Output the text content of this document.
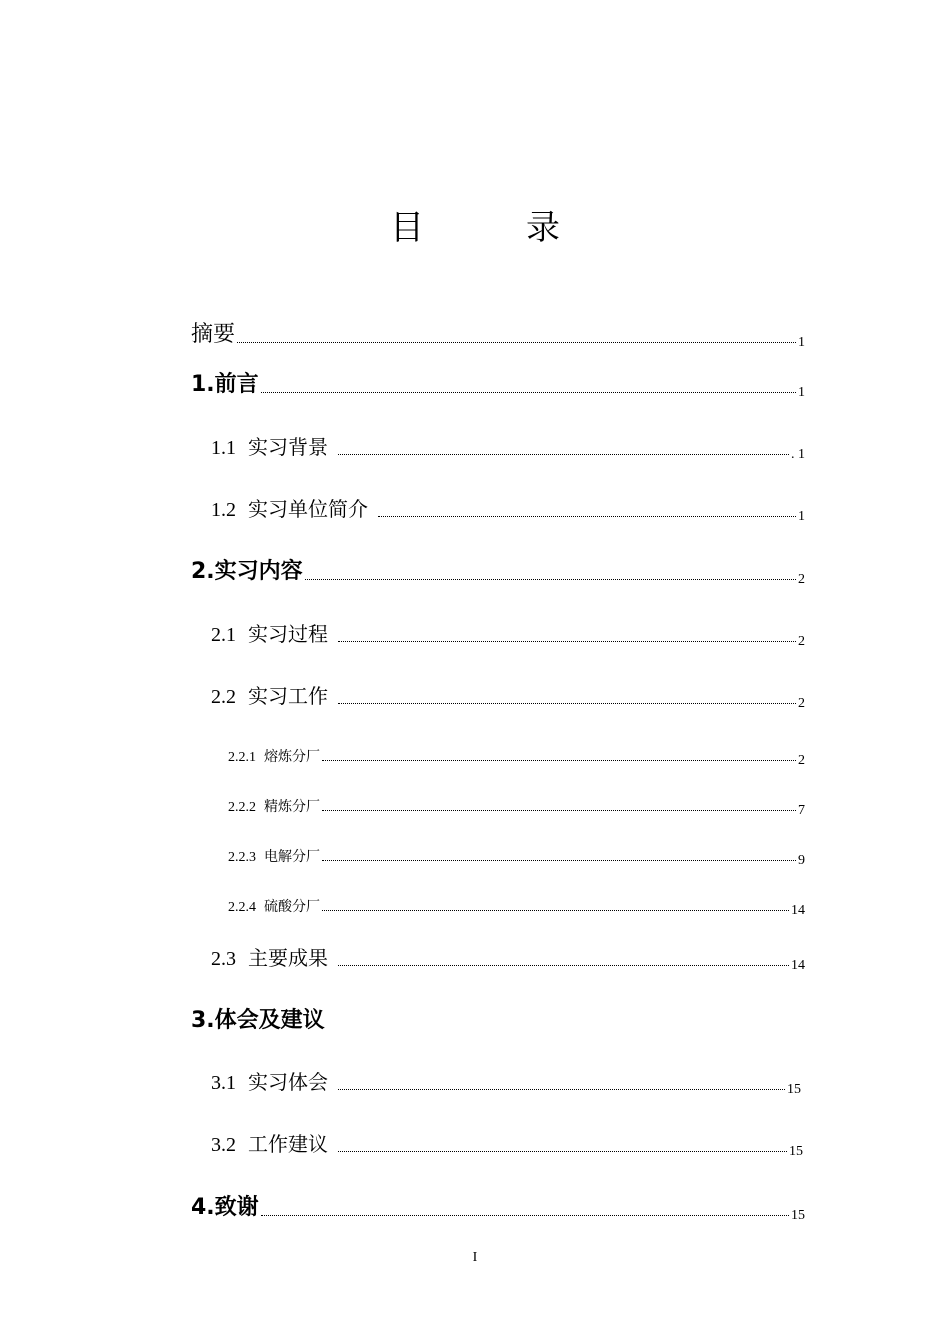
目　录
摘要	1
1.前言	1
1.1 实习背景	. 1
1.2 实习单位简介	1
2.实习内容	2
2.1 实习过程	2
2.2 实习工作	2
2.2.1 熔炼分厂	2
2.2.2 精炼分厂	7
2.2.3 电解分厂	9
2.2.4 硫酸分厂	14
2.3 主要成果	14
3.体会及建议
3.1 实习体会	15
3.2 工作建议	15
4.致谢	15
I
